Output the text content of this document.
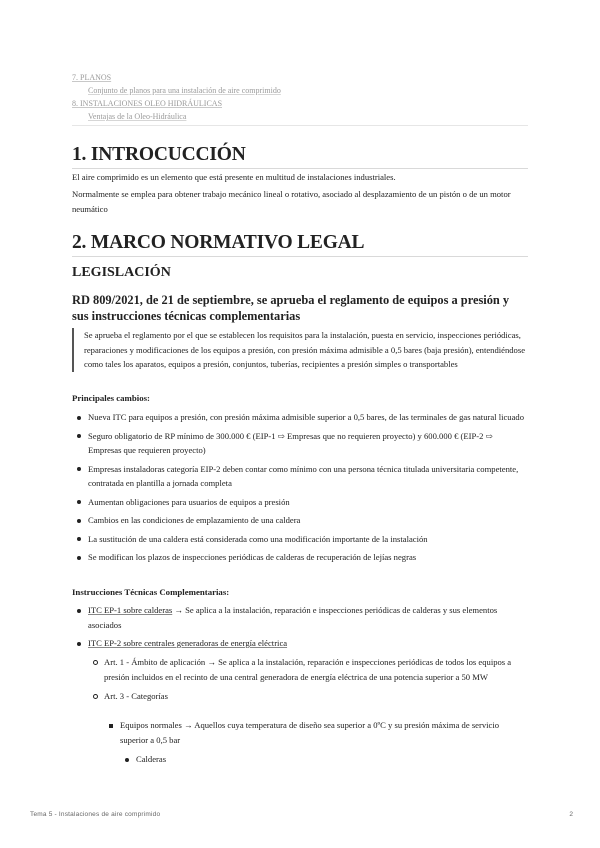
7. PLANOS
Conjunto de planos para una instalación de aire comprimido
8. INSTALACIONES OLEO HIDRÁULICAS
Ventajas de la Oleo-Hidráulica
1. INTROCUCCIÓN
El aire comprimido es un elemento que está presente en multitud de instalaciones industriales.
Normalmente se emplea para obtener trabajo mecánico lineal o rotativo, asociado al desplazamiento de un pistón o de un motor neumático
2. MARCO NORMATIVO LEGAL
LEGISLACIÓN
RD 809/2021, de 21 de septiembre, se aprueba el reglamento de equipos a presión y sus instrucciones técnicas complementarias
Se aprueba el reglamento por el que se establecen los requisitos para la instalación, puesta en servicio, inspecciones periódicas, reparaciones y modificaciones de los equipos a presión, con presión máxima admisible a 0,5 bares (baja presión), entendiéndose como tales los aparatos, equipos a presión, conjuntos, tuberías, recipientes a presión simples o transportables
Principales cambios:
Nueva ITC para equipos a presión, con presión máxima admisible superior a 0,5 bares, de las terminales de gas natural licuado
Seguro obligatorio de RP mínimo de 300.000 € (EIP-1 ⇨ Empresas que no requieren proyecto) y 600.000 € (EIP-2 ⇨ Empresas que requieren proyecto)
Empresas instaladoras categoría EIP-2 deben contar como mínimo con una persona técnica titulada universitaria competente, contratada en plantilla a jornada completa
Aumentan obligaciones para usuarios de equipos a presión
Cambios en las condiciones de emplazamiento de una caldera
La sustitución de una caldera está considerada como una modificación importante de la instalación
Se modifican los plazos de inspecciones periódicas de calderas de recuperación de lejías negras
Instrucciones Técnicas Complementarias:
ITC EP-1 sobre calderas → Se aplica a la instalación, reparación e inspecciones periódicas de calderas y sus elementos asociados
ITC EP-2 sobre centrales generadoras de energía eléctrica
Art. 1 - Ámbito de aplicación → Se aplica a la instalación, reparación e inspecciones periódicas de todos los equipos a presión incluidos en el recinto de una central generadora de energía eléctrica de una potencia superior a 50 MW
Art. 3 - Categorías
Equipos normales → Aquellos cuya temperatura de diseño sea superior a 0ºC y su presión máxima de servicio superior a 0,5 bar
Calderas
Tema 5 - Instalaciones de aire comprimido	2
